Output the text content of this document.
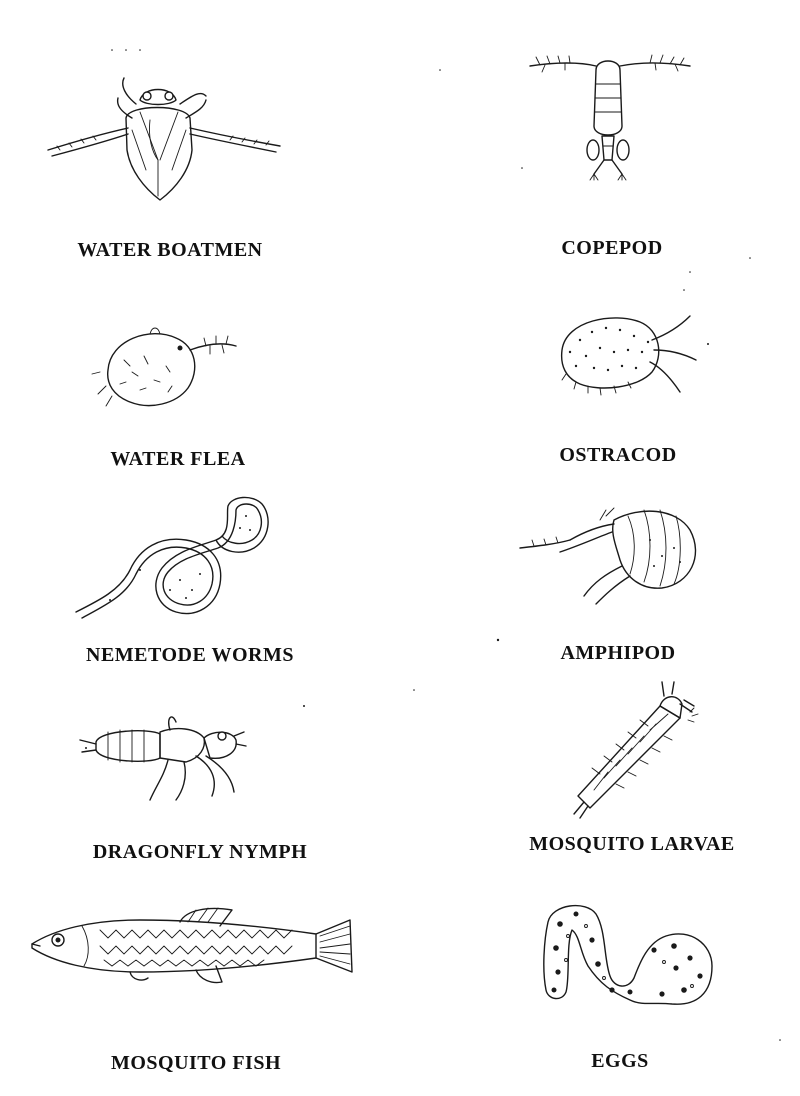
WATER BOATMEN	COPEPOD
WATER FLEA	OSTRACOD
NEMETODE WORMS	AMPHIPOD
DRAGONFLY NYMPH	MOSQUITO LARVAE
MOSQUITO FISH	EGGS
